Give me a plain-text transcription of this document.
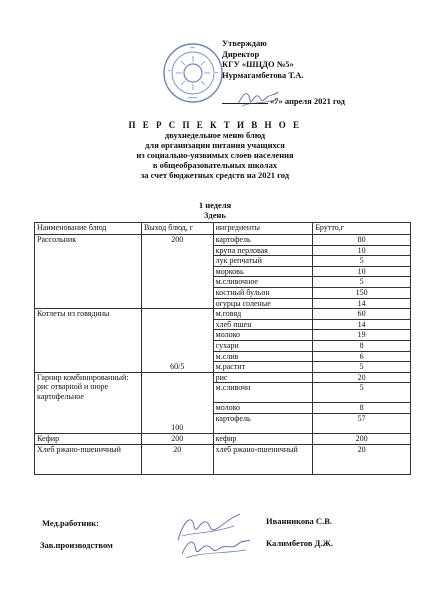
Утверждаю
Директор
КГУ «ШЦДО №5»
Нурмагамбетова Т.А.
«7» апреля 2021 год
П Е Р С П Е К Т И В Н О Е
двухнедельное меню блюд
для организации питания учащихся
из социально-уязвимых слоев населения
в общеобразовательных школах
за счет бюджетных средств на 2021 год
1 неделя
3день
Наименование блюд	Выход блюд, г	ингредиенты	Брутто,г
Рассольник	200	картофель	80
		крупа перловая	10
		лук репчатый	5
		морковь	10
		м.сливочное	5
		костный бульон	150
		огурцы соленые	14
Котлеты из говядины	60/5	м.говяд	60
		хлеб пшен	14
		молоко	19
		сухари	8
		м.слив	6
		м.растит	5
Гарнир комбинированный: рис отварной и пюре картофельное	100	рис	20
		м.сливочн	5
		молоко	8
		картофель	57
Кефир	200	кефир	200
Хлеб ржано-пшеничный	20	хлеб ржано-пшеничный	20
Мед.работник:	Иванникова С.В.
Зав.производством	Калимбетов Д.Ж.
